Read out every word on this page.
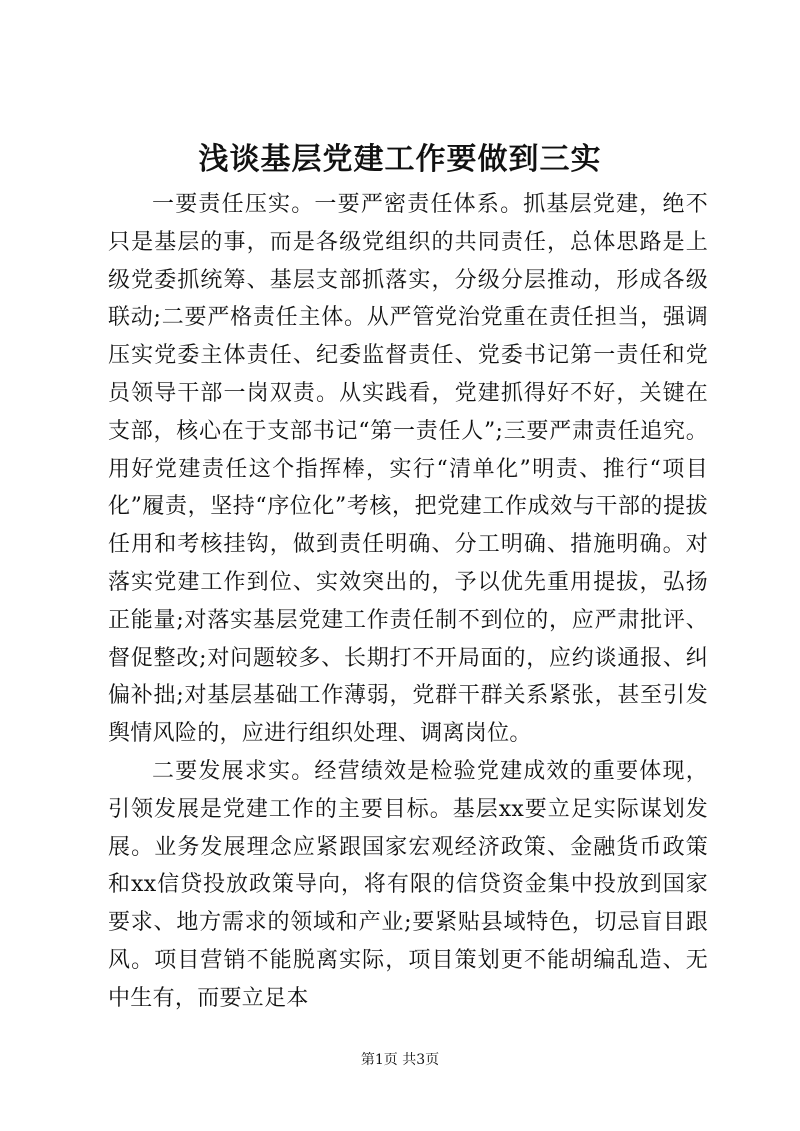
浅谈基层党建工作要做到三实

一要责任压实。一要严密责任体系。抓基层党建，绝不只是基层的事，而是各级党组织的共同责任，总体思路是上级党委抓统筹、基层支部抓落实，分级分层推动，形成各级联动;二要严格责任主体。从严管党治党重在责任担当，强调压实党委主体责任、纪委监督责任、党委书记第一责任和党员领导干部一岗双责。从实践看，党建抓得好不好，关键在支部，核心在于支部书记“第一责任人”;三要严肃责任追究。用好党建责任这个指挥棒，实行“清单化”明责、推行“项目化”履责，坚持“序位化”考核，把党建工作成效与干部的提拔任用和考核挂钩，做到责任明确、分工明确、措施明确。对落实党建工作到位、实效突出的，予以优先重用提拔，弘扬正能量;对落实基层党建工作责任制不到位的，应严肃批评、督促整改;对问题较多、长期打不开局面的，应约谈通报、纠偏补拙;对基层基础工作薄弱，党群干群关系紧张，甚至引发舆情风险的，应进行组织处理、调离岗位。

二要发展求实。经营绩效是检验党建成效的重要体现，引领发展是党建工作的主要目标。基层xx要立足实际谋划发展。业务发展理念应紧跟国家宏观经济政策、金融货币政策和xx信贷投放政策导向，将有限的信贷资金集中投放到国家要求、地方需求的领域和产业;要紧贴县域特色，切忌盲目跟风。项目营销不能脱离实际，项目策划更不能胡编乱造、无中生有，而要立足本

第1页 共3页
